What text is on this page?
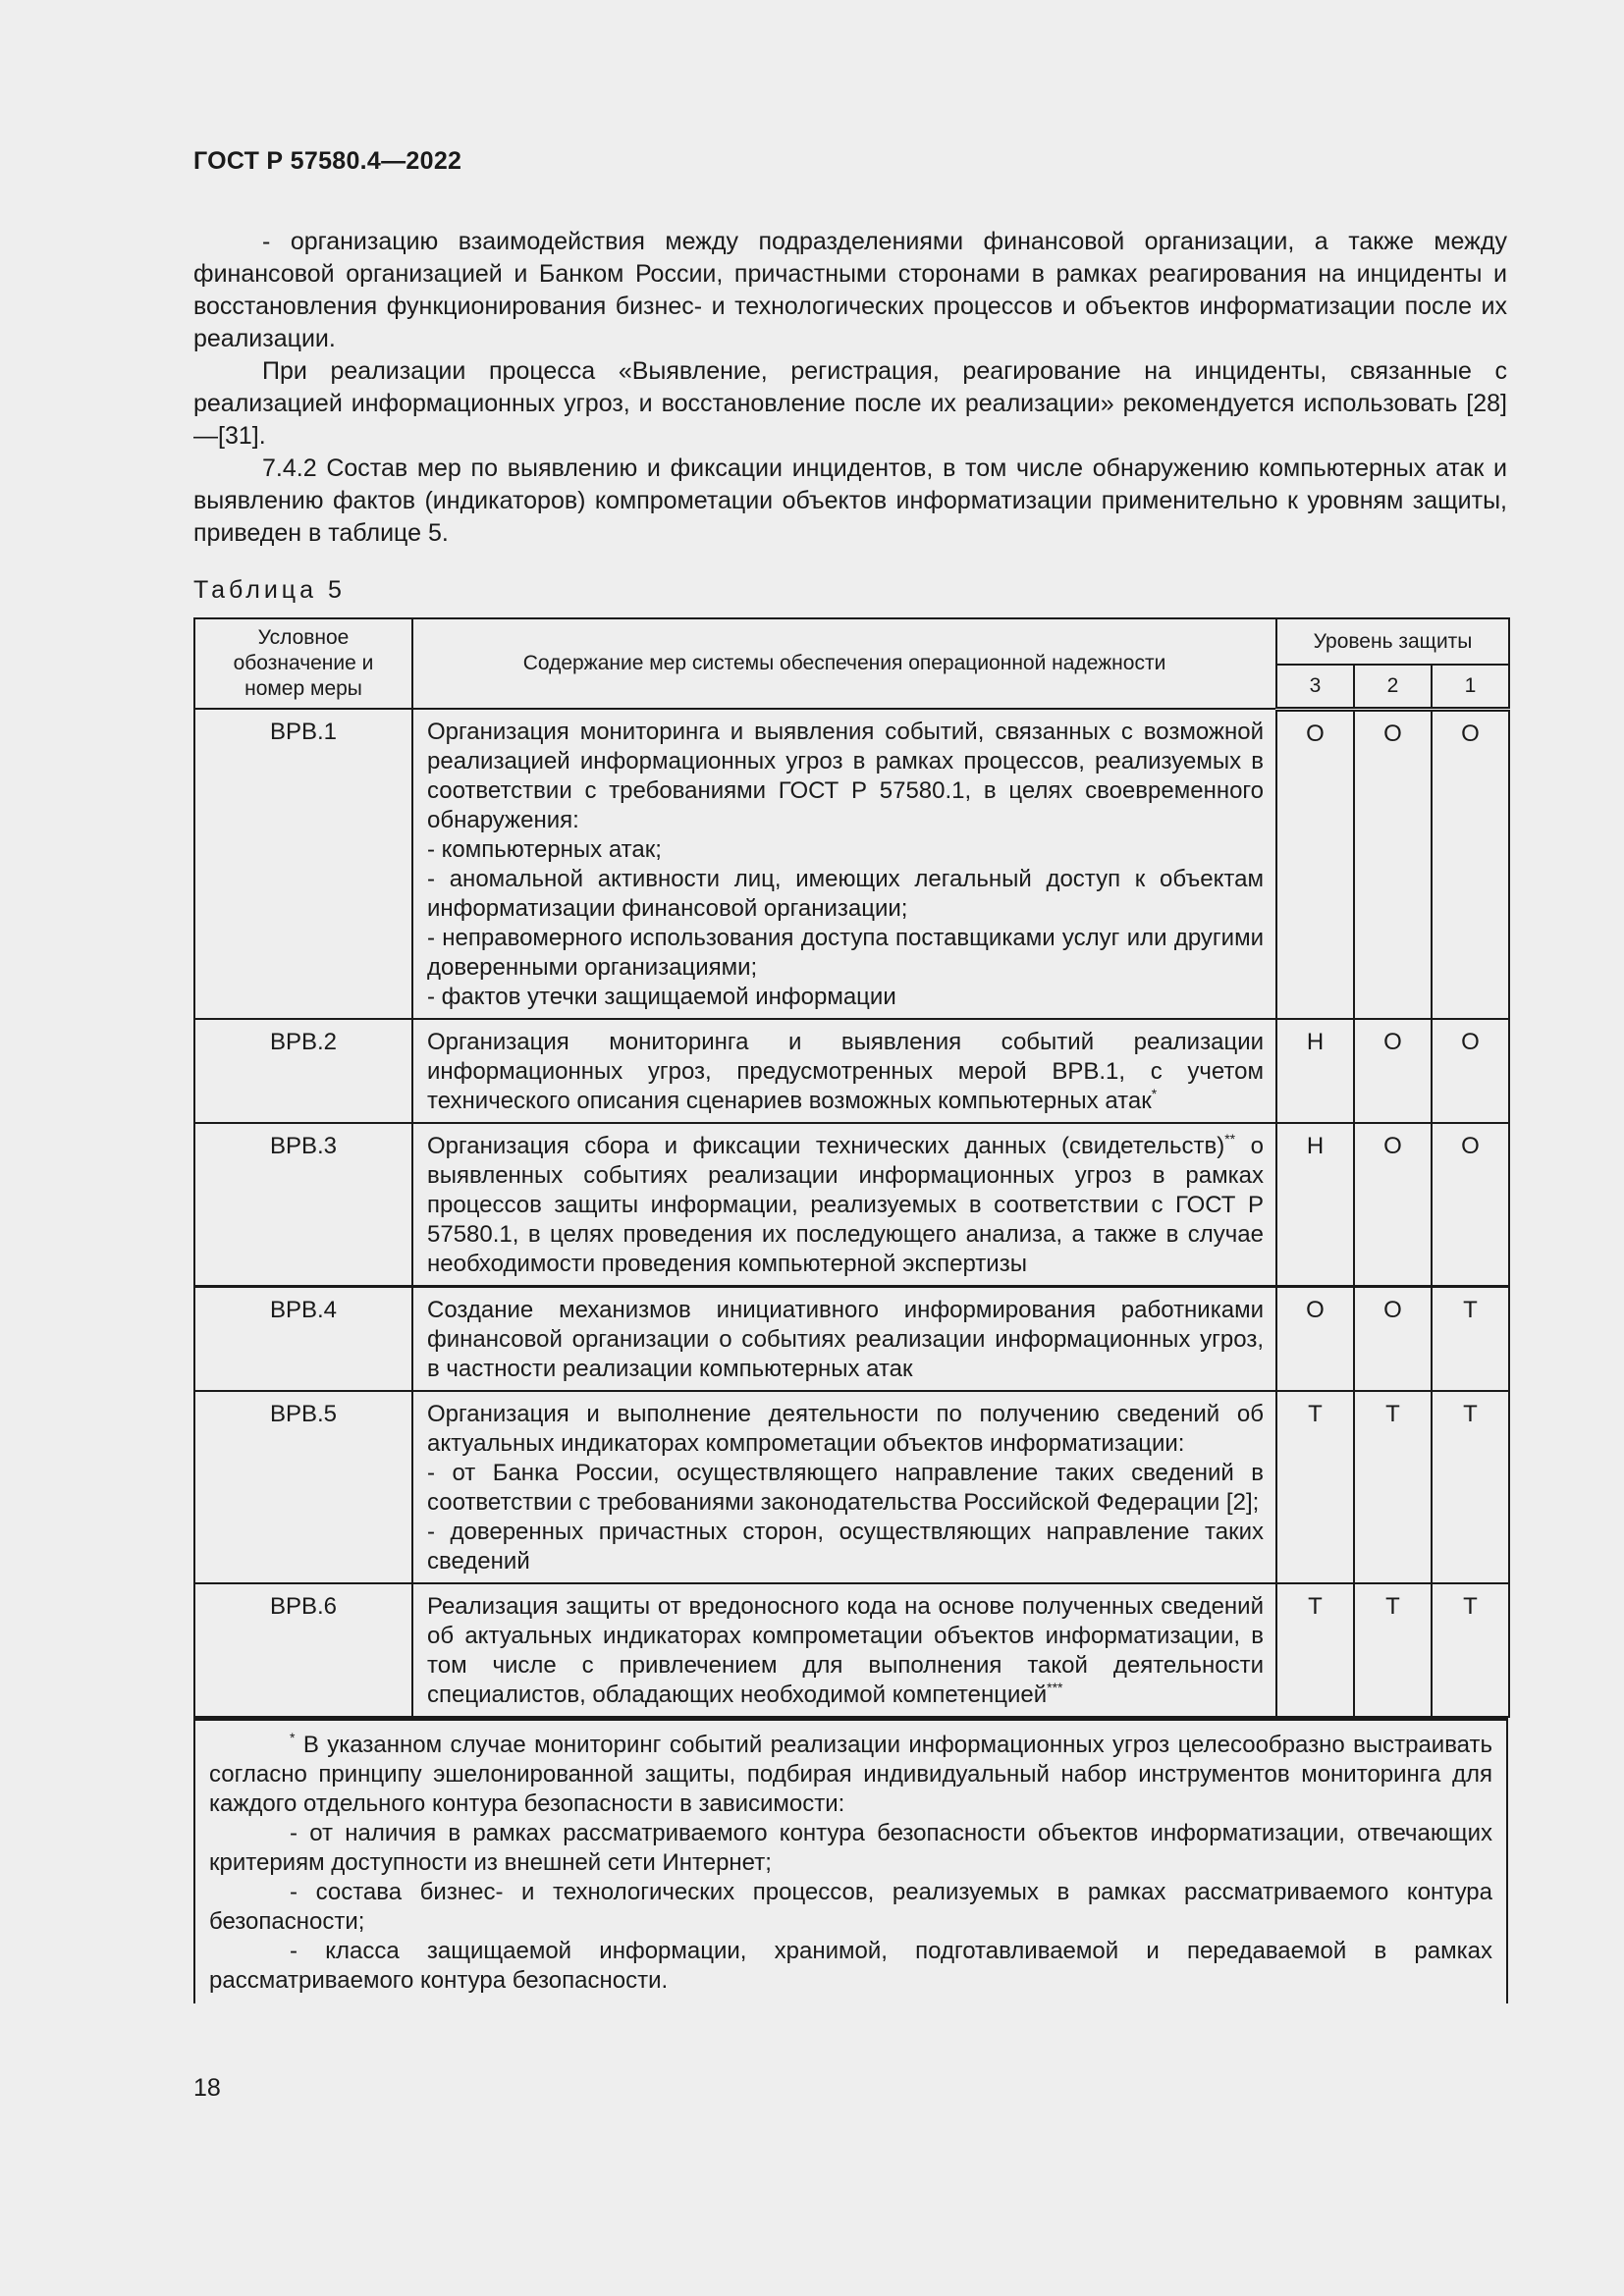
ГОСТ Р 57580.4—2022

- организацию взаимодействия между подразделениями финансовой организации, а также между финансовой организацией и Банком России, причастными сторонами в рамках реагирования на инциденты и восстановления функционирования бизнес- и технологических процессов и объектов информатизации после их реализации.

При реализации процесса «Выявление, регистрация, реагирование на инциденты, связанные с реализацией информационных угроз, и восстановление после их реализации» рекомендуется использовать [28]—[31].

7.4.2 Состав мер по выявлению и фиксации инцидентов, в том числе обнаружению компьютерных атак и выявлению фактов (индикаторов) компрометации объектов информатизации применительно к уровням защиты, приведен в таблице 5.

Таблица 5
Условное обозначение и номер меры	Содержание мер системы обеспечения операционной надежности	Уровень защиты		
		3	2	1
ВРВ.1	Организация мониторинга и выявления событий, связанных с возможной реализацией информационных угроз в рамках процессов, реализуемых в соответствии с требованиями ГОСТ Р 57580.1, в целях своевременного обнаружения:
- компьютерных атак;
- аномальной активности лиц, имеющих легальный доступ к объектам информатизации финансовой организации;
- неправомерного использования доступа поставщиками услуг или другими доверенными организациями;
- фактов утечки защищаемой информации	О	О	О
ВРВ.2	Организация мониторинга и выявления событий реализации информационных угроз, предусмотренных мерой ВРВ.1, с учетом технического описания сценариев возможных компьютерных атак*	Н	О	О
ВРВ.3	Организация сбора и фиксации технических данных (свидетельств)** о выявленных событиях реализации информационных угроз в рамках процессов защиты информации, реализуемых в соответствии с ГОСТ Р 57580.1, в целях проведения их последующего анализа, а также в случае необходимости проведения компьютерной экспертизы	Н	О	О
ВРВ.4	Создание механизмов инициативного информирования работниками финансовой организации о событиях реализации информационных угроз, в частности реализации компьютерных атак	О	О	Т
ВРВ.5	Организация и выполнение деятельности по получению сведений об актуальных индикаторах компрометации объектов информатизации:
- от Банка России, осуществляющего направление таких сведений в соответствии с требованиями законодательства Российской Федерации [2];
- доверенных причастных сторон, осуществляющих направление таких сведений	Т	Т	Т
ВРВ.6	Реализация защиты от вредоносного кода на основе полученных сведений об актуальных индикаторах компрометации объектов информатизации, в том числе с привлечением для выполнения такой деятельности специалистов, обладающих необходимой компетенцией***	Т	Т	Т

* В указанном случае мониторинг событий реализации информационных угроз целесообразно выстраивать согласно принципу эшелонированной защиты, подбирая индивидуальный набор инструментов мониторинга для каждого отдельного контура безопасности в зависимости:

- от наличия в рамках рассматриваемого контура безопасности объектов информатизации, отвечающих критериям доступности из внешней сети Интернет;

- состава бизнес- и технологических процессов, реализуемых в рамках рассматриваемого контура безопасности;

- класса защищаемой информации, хранимой, подготавливаемой и передаваемой в рамках рассматриваемого контура безопасности.

18
